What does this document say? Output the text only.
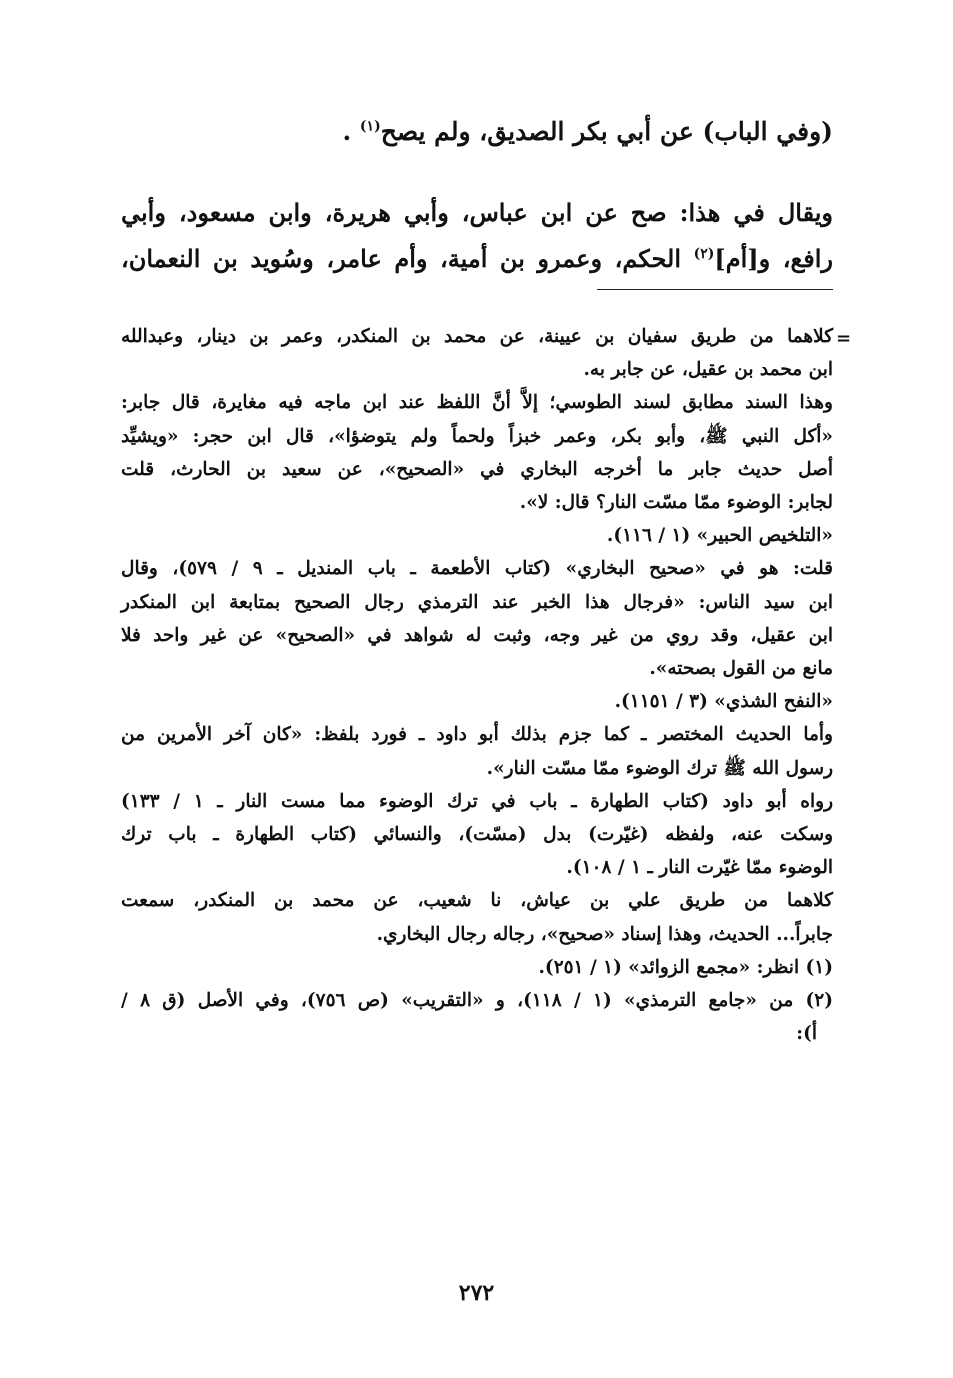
(وفي الباب) عن أبي بكر الصديق، ولم يصح$^{(١)}$ .
ويقال في هذا: صح عن ابن عباس، وأبي هريرة، وابن مسعود، وأبي
رافع، و[أم]$^{(٢)}$ الحكم، وعمرو بن أمية، وأم عامر، وسُويد بن النعمان،
=
كلاهما من طريق سفيان بن عيينة، عن محمد بن المنكدر، وعمر بن دينار، وعبدالله
ابن محمد بن عقيل، عن جابر به.
وهذا السند مطابق لسند الطوسي؛ إلاَّ أنَّ اللفظ عند ابن ماجه فيه مغايرة، قال جابر:
«أكل النبي ﷺ، وأبو بكر، وعمر خبزاً ولحماً ولم يتوضؤا»، قال ابن حجر: «ويشيِّد
أصل حديث جابر ما أخرجه البخاري في «الصحيح»، عن سعيد بن الحارث، قلت
لجابر: الوضوء ممّا مسّت النار؟ قال: لا».
«التلخيص الحبير» (١ / ١١٦).
قلت: هو في «صحيح البخاري» (كتاب الأطعمة ـ باب المنديل ـ ٩ / ٥٧٩)، وقال
ابن سيد الناس: «فرجال هذا الخبر عند الترمذي رجال الصحيح بمتابعة ابن المنكدر
ابن عقيل، وقد روي من غير وجه، وثبت له شواهد في «الصحيح» عن غير واحد فلا
مانع من القول بصحته».
«النفح الشذي» (٣ / ١١٥١).
وأما الحديث المختصر ـ كما جزم بذلك أبو داود ـ فورد بلفظ: «كان آخر الأمرين من
رسول الله ﷺ ترك الوضوء ممّا مسّت النار».
رواه أبو داود (كتاب الطهارة ـ باب في ترك الوضوء مما مست النار ـ ١ / ١٣٣)
وسكت عنه، ولفظه (غيّرت) بدل (مسّت)، والنسائي (كتاب الطهارة ـ باب ترك
الوضوء ممّا غيّرت النار ـ ١ / ١٠٨).
كلاهما من طريق علي بن عياش، نا شعيب، عن محمد بن المنكدر، سمعت
جابراً... الحديث، وهذا إسناد «صحيح»، رجاله رجال البخاري.
(١) انظر: «مجمع الزوائد» (١ / ٢٥١).
(٢) من «جامع الترمذي» (١ / ١١٨)، و «التقريب» (ص ٧٥٦)، وفي الأصل (ق ٨ /
أ):
٢٧٢
